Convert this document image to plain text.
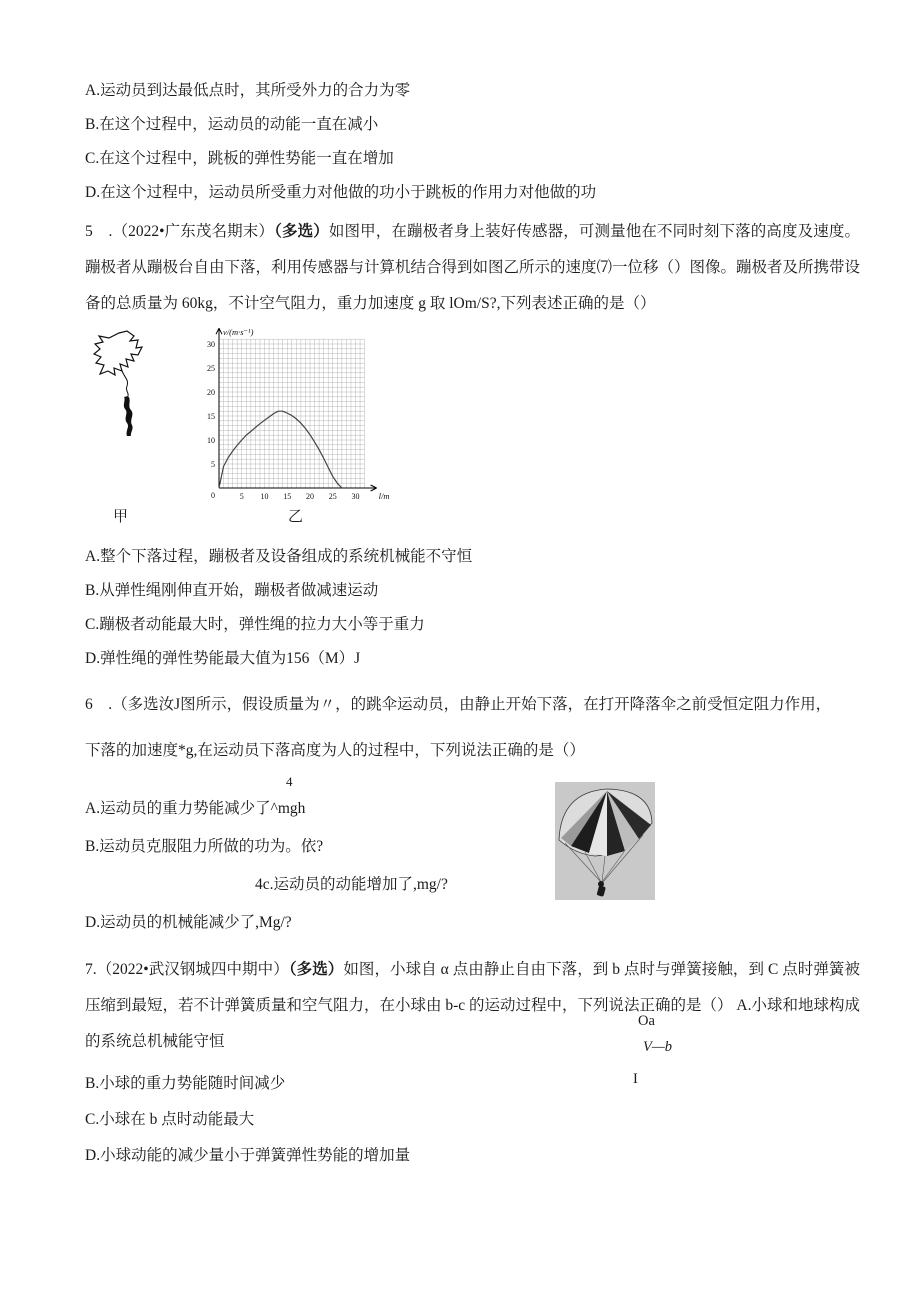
A.运动员到达最低点时，其所受外力的合力为零
B.在这个过程中，运动员的动能一直在减小
C.在这个过程中，跳板的弹性势能一直在增加
D.在这个过程中，运动员所受重力对他做的功小于跳板的作用力对他做的功

5　.（2022•广东茂名期末）（多选）如图甲，在蹦极者身上装好传感器，可测量他在不同时刻下落的高度及速度。蹦极者从蹦极台自由下落，利用传感器与计算机结合得到如图乙所示的速度⑺一位移（）图像。蹦极者及所携带设备的总质量为 60kg，不计空气阻力，重力加速度 g 取 lOm/S?,下列表述正确的是（）

5 10 15 20 25 30
5
10
15
20
25
30
0
v/(m·s⁻¹)
l/m
甲	乙
A.整个下落过程，蹦极者及设备组成的系统机械能不守恒
B.从弹性绳刚伸直开始，蹦极者做减速运动
C.蹦极者动能最大时，弹性绳的拉力大小等于重力
D.弹性绳的弹性势能最大值为156（M）J

6　.（多选汝J图所示，假设质量为〃，的跳伞运动员，由静止开始下落，在打开降落伞之前受恒定阻力作用，

下落的加速度*g,在运动员下落高度为人的过程中，下列说法正确的是（）

4
A.运动员的重力势能减少了^mgh
B.运动员克服阻力所做的功为。依?
4c.运动员的动能增加了,mg/?
D.运动员的机械能减少了,Mg/?

7.（2022•武汉钢城四中期中）（多选）如图，小球自 α 点由静止自由下落，到 b 点时与弹簧接触，到 C 点时弹簧被压缩到最短，若不计弹簧质量和空气阻力，在小球由 b-c 的运动过程中，下列说法正确的是（） A.小球和地球构成的系统总机械能守恒

Oa
V—b
I
B.小球的重力势能随时间减少
C.小球在 b 点时动能最大
D.小球动能的减少量小于弹簧弹性势能的增加量
